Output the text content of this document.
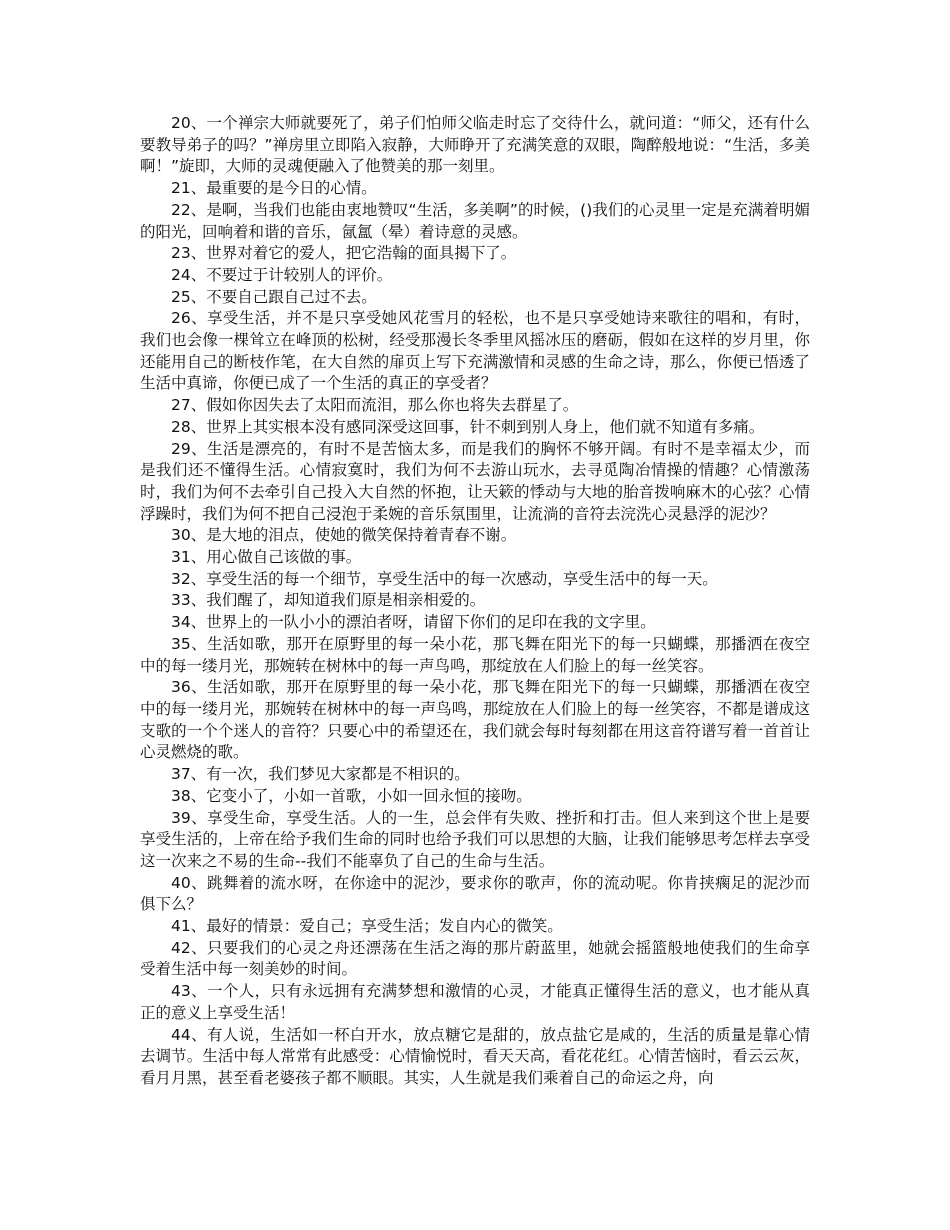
20、一个禅宗大师就要死了，弟子们怕师父临走时忘了交待什么，就问道：“师父，还有什么要教导弟子的吗？”禅房里立即陷入寂静，大师睁开了充满笑意的双眼，陶醉般地说：“生活，多美啊！”旋即，大师的灵魂便融入了他赞美的那一刻里。

21、最重要的是今日的心情。

22、是啊，当我们也能由衷地赞叹“生活，多美啊”的时候，()我们的心灵里一定是充满着明媚的阳光，回响着和谐的音乐，氤氲（晕）着诗意的灵感。

23、世界对着它的爱人，把它浩翰的面具揭下了。

24、不要过于计较别人的评价。

25、不要自己跟自己过不去。

26、享受生活，并不是只享受她风花雪月的轻松，也不是只享受她诗来歌往的唱和，有时，我们也会像一棵耸立在峰顶的松树，经受那漫长冬季里风摇冰压的磨砺，假如在这样的岁月里，你还能用自己的断枝作笔，在大自然的扉页上写下充满激情和灵感的生命之诗，那么，你便已悟透了生活中真谛，你便已成了一个生活的真正的享受者？

27、假如你因失去了太阳而流泪，那么你也将失去群星了。

28、世界上其实根本没有感同深受这回事，针不刺到别人身上，他们就不知道有多痛。

29、生活是漂亮的，有时不是苦恼太多，而是我们的胸怀不够开阔。有时不是幸福太少，而是我们还不懂得生活。心情寂寞时，我们为何不去游山玩水，去寻觅陶冶情操的情趣？心情激荡时，我们为何不去牵引自己投入大自然的怀抱，让天簌的悸动与大地的胎音拨响麻木的心弦？心情浮躁时，我们为何不把自己浸泡于柔婉的音乐氛围里，让流淌的音符去浣洗心灵悬浮的泥沙？

30、是大地的泪点，使她的微笑保持着青春不谢。

31、用心做自己该做的事。

32、享受生活的每一个细节，享受生活中的每一次感动，享受生活中的每一天。

33、我们醒了，却知道我们原是相亲相爱的。

34、世界上的一队小小的漂泊者呀，请留下你们的足印在我的文字里。

35、生活如歌，那开在原野里的每一朵小花，那飞舞在阳光下的每一只蝴蝶，那播洒在夜空中的每一缕月光，那婉转在树林中的每一声鸟鸣，那绽放在人们脸上的每一丝笑容。

36、生活如歌，那开在原野里的每一朵小花，那飞舞在阳光下的每一只蝴蝶，那播洒在夜空中的每一缕月光，那婉转在树林中的每一声鸟鸣，那绽放在人们脸上的每一丝笑容，不都是谱成这支歌的一个个迷人的音符？只要心中的希望还在，我们就会每时每刻都在用这音符谱写着一首首让心灵燃烧的歌。

37、有一次，我们梦见大家都是不相识的。

38、它变小了，小如一首歌，小如一回永恒的接吻。

39、享受生命，享受生活。人的一生，总会伴有失败、挫折和打击。但人来到这个世上是要享受生活的，上帝在给予我们生命的同时也给予我们可以思想的大脑，让我们能够思考怎样去享受这一次来之不易的生命--我们不能辜负了自己的生命与生活。

40、跳舞着的流水呀，在你途中的泥沙，要求你的歌声，你的流动呢。你肯挟瘸足的泥沙而俱下么？

41、最好的情景：爱自己；享受生活；发自内心的微笑。

42、只要我们的心灵之舟还漂荡在生活之海的那片蔚蓝里，她就会摇篮般地使我们的生命享受着生活中每一刻美妙的时间。

43、一个人，只有永远拥有充满梦想和激情的心灵，才能真正懂得生活的意义，也才能从真正的意义上享受生活！

44、有人说，生活如一杯白开水，放点糖它是甜的，放点盐它是咸的，生活的质量是靠心情去调节。生活中每人常常有此感受：心情愉悦时，看天天高，看花花红。心情苦恼时，看云云灰，看月月黑，甚至看老婆孩子都不顺眼。其实，人生就是我们乘着自己的命运之舟，向
